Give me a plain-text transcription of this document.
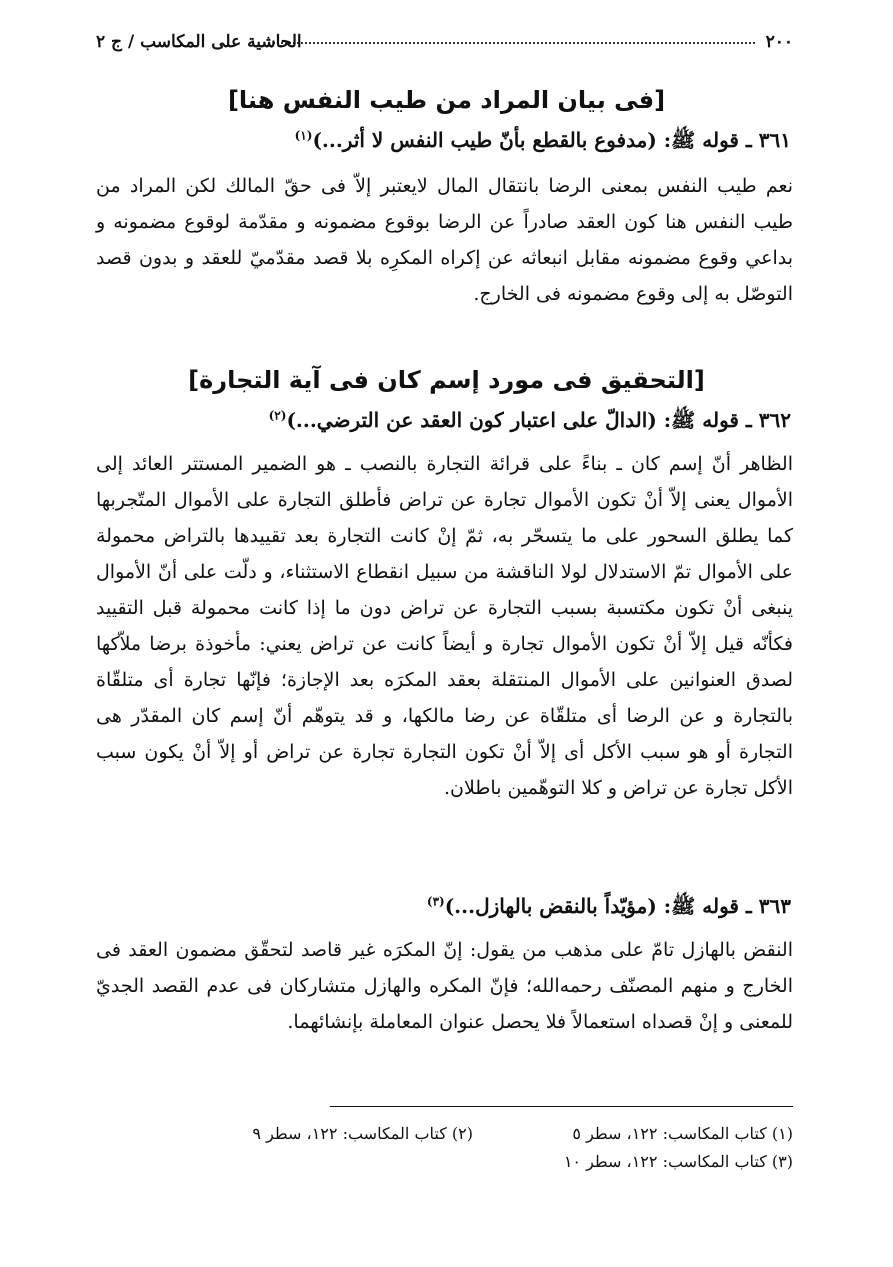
٢٠٠
الحاشية على المكاسب / ج ٢
[فى بيان المراد من طيب النفس هنا]
٣٦١ ـ قوله ﷺ: (مدفوع بالقطع بأنّ طيب النفس لا أثر...)$^{(١)}$
نعم طيب النفس بمعنى الرضا بانتقال المال لايعتبر إلاّ فى حقّ المالك لكن المراد من طيب النفس هنا كون العقد صادراً عن الرضا بوقوع مضمونه و مقدّمة لوقوع مضمونه و بداعي وقوع مضمونه مقابل انبعاثه عن إكراه المكرِه بلا قصد مقدّميّ للعقد و بدون قصد التوصّل به إلى وقوع مضمونه فى الخارج.
[التحقيق فى مورد إسم كان فى آية التجارة]
٣٦٢ ـ قوله ﷺ: (الدالّ على اعتبار كون العقد عن الترضي...)$^{(٢)}$
الظاهر أنّ إسم كان ـ بناءً على قرائة التجارة بالنصب ـ هو الضمير المستتر العائد إلى الأموال يعنى إلاّ أنْ تكون الأموال تجارة عن تراض فأطلق التجارة على الأموال المتّجربها كما يطلق السحور على ما يتسحّر به، ثمّ إنْ كانت التجارة بعد تقييدها بالتراض محمولة على الأموال تمّ الاستدلال لولا الناقشة من سبيل انقطاع الاستثناء، و دلّت على أنّ الأموال ينبغى أنْ تكون مكتسبة بسبب التجارة عن تراض دون ما إذا كانت محمولة قبل التقييد فكأنّه قيل إلاّ أنْ تكون الأموال تجارة و أيضاً كانت عن تراض يعني: مأخوذة برضا ملاّكها لصدق العنوانين على الأموال المنتقلة بعقد المكرَه بعد الإجازة؛ فإنّها تجارة أى متلقّاة بالتجارة و عن الرضا أى متلقّاة عن رضا مالكها، و قد يتوهّم أنّ إسم كان المقدّر هى التجارة أو هو سبب الأكل أى إلاّ أنْ تكون التجارة تجارة عن تراض أو إلاّ أنْ يكون سبب الأكل تجارة عن تراض و كلا التوهّمين باطلان.
٣٦٣ ـ قوله ﷺ: (مؤيّداً بالنقض بالهازل...)$^{(٣)}$
النقض بالهازل تامّ على مذهب من يقول: إنّ المكرَه غير قاصد لتحقّق مضمون العقد فى الخارج و منهم المصنّف رحمه‌الله؛ فإنّ المكره والهازل متشاركان فى عدم القصد الجديّ للمعنى و إنْ قصداه استعمالاً فلا يحصل عنوان المعاملة بإنشائهما.
(١) كتاب المكاسب: ١٢٢، سطر ٥
(٢) كتاب المكاسب: ١٢٢، سطر ٩
(٣) كتاب المكاسب: ١٢٢، سطر ١٠
